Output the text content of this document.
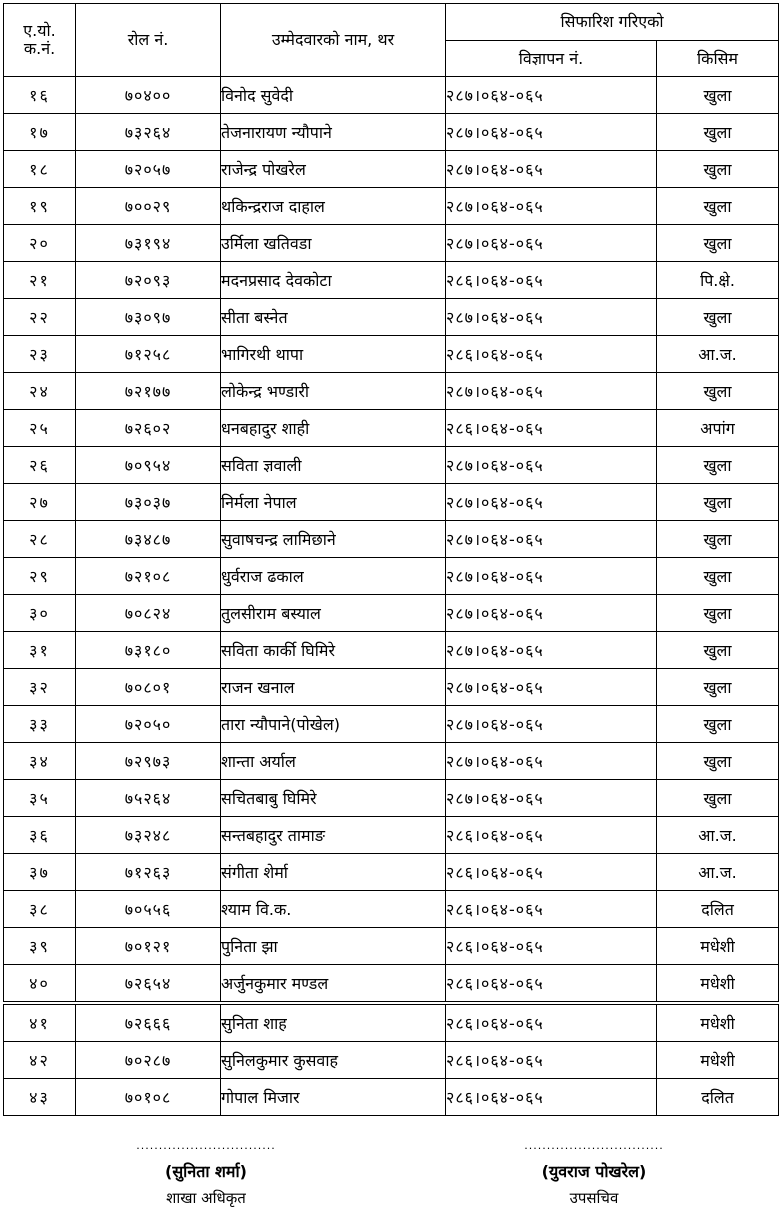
ए.यो.
क.नं.	रोल नं.	उम्मेदवारको नाम, थर	सिफारिश गरिएको	
			विज्ञापन नं.	किसिम
१६	७०४००	विनोद सुवेदी	२८७।०६४-०६५	खुला
१७	७३२६४	तेजनारायण न्यौपाने	२८७।०६४-०६५	खुला
१८	७२०५७	राजेन्द्र पोखरेल	२८७।०६४-०६५	खुला
१९	७००२९	थकिन्द्रराज दाहाल	२८७।०६४-०६५	खुला
२०	७३१९४	उर्मिला खतिवडा	२८७।०६४-०६५	खुला
२१	७२०९३	मदनप्रसाद देवकोटा	२८६।०६४-०६५	पि.क्षे.
२२	७३०९७	सीता बस्नेत	२८७।०६४-०६५	खुला
२३	७१२५८	भागिरथी थापा	२८६।०६४-०६५	आ.ज.
२४	७२१७७	लोकेन्द्र भण्डारी	२८७।०६४-०६५	खुला
२५	७२६०२	धनबहादुर शाही	२८६।०६४-०६५	अपांग
२६	७०९५४	सविता ज्ञवाली	२८७।०६४-०६५	खुला
२७	७३०३७	निर्मला नेपाल	२८७।०६४-०६५	खुला
२८	७३४८७	सुवाषचन्द्र लामिछाने	२८७।०६४-०६५	खुला
२९	७२१०८	धुर्वराज ढकाल	२८७।०६४-०६५	खुला
३०	७०८२४	तुलसीराम बस्याल	२८७।०६४-०६५	खुला
३१	७३१८०	सविता कार्की घिमिरे	२८७।०६४-०६५	खुला
३२	७०८०१	राजन खनाल	२८७।०६४-०६५	खुला
३३	७२०५०	तारा न्यौपाने(पोखेल)	२८७।०६४-०६५	खुला
३४	७२९७३	शान्ता अर्याल	२८७।०६४-०६५	खुला
३५	७५२६४	सचितबाबु घिमिरे	२८७।०६४-०६५	खुला
३६	७३२४८	सन्तबहादुर तामाङ	२८६।०६४-०६५	आ.ज.
३७	७१२६३	संगीता शेर्मा	२८६।०६४-०६५	आ.ज.
३८	७०५५६	श्याम वि.क.	२८६।०६४-०६५	दलित
३९	७०१२१	पुनिता झा	२८६।०६४-०६५	मधेशी
४०	७२६५४	अर्जुनकुमार मण्डल	२८६।०६४-०६५	मधेशी
४१	७२६६६	सुनिता शाह	२८६।०६४-०६५	मधेशी
४२	७०२८७	सुनिलकुमार कुसवाह	२८६।०६४-०६५	मधेशी
४३	७०१०८	गोपाल मिजार	२८६।०६४-०६५	दलित
...............................
(सुनिता शर्मा)
शाखा अधिकृत
...............................
(युवराज पोखरेल)
उपसचिव
